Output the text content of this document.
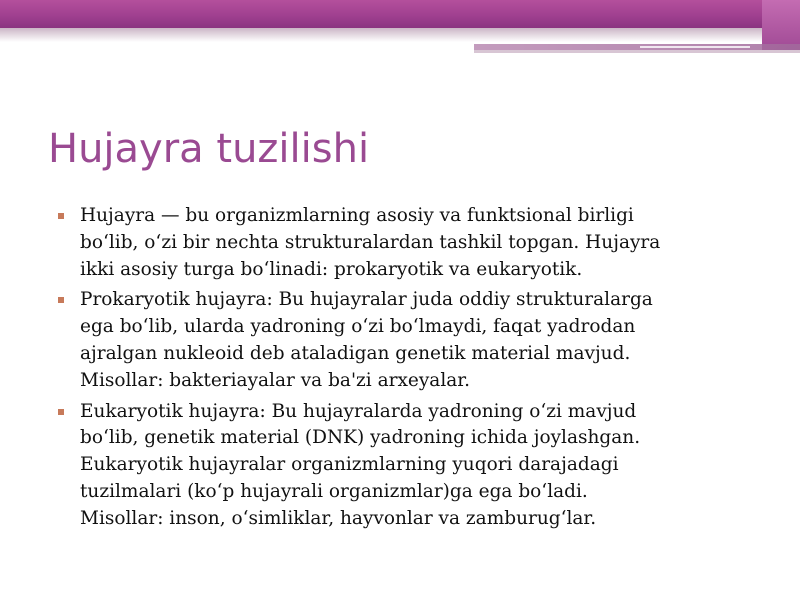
Hujayra tuzilishi
Hujayra — bu organizmlarning asosiy va funktsional birligi
boʻlib, oʻzi bir nechta strukturalardan tashkil topgan. Hujayra
ikki asosiy turga boʻlinadi: prokaryotik va eukaryotik.
Prokaryotik hujayra: Bu hujayralar juda oddiy strukturalarga
ega boʻlib, ularda yadroning oʻzi boʻlmaydi, faqat yadrodan
ajralgan nukleoid deb ataladigan genetik material mavjud.
Misollar: bakteriayalar va ba'zi arxeyalar.
Eukaryotik hujayra: Bu hujayralarda yadroning oʻzi mavjud
boʻlib, genetik material (DNK) yadroning ichida joylashgan.
Eukaryotik hujayralar organizmlarning yuqori darajadagi
tuzilmalari (koʻp hujayrali organizmlar)ga ega boʻladi.
Misollar: inson, oʻsimliklar, hayvonlar va zamburugʻlar.
